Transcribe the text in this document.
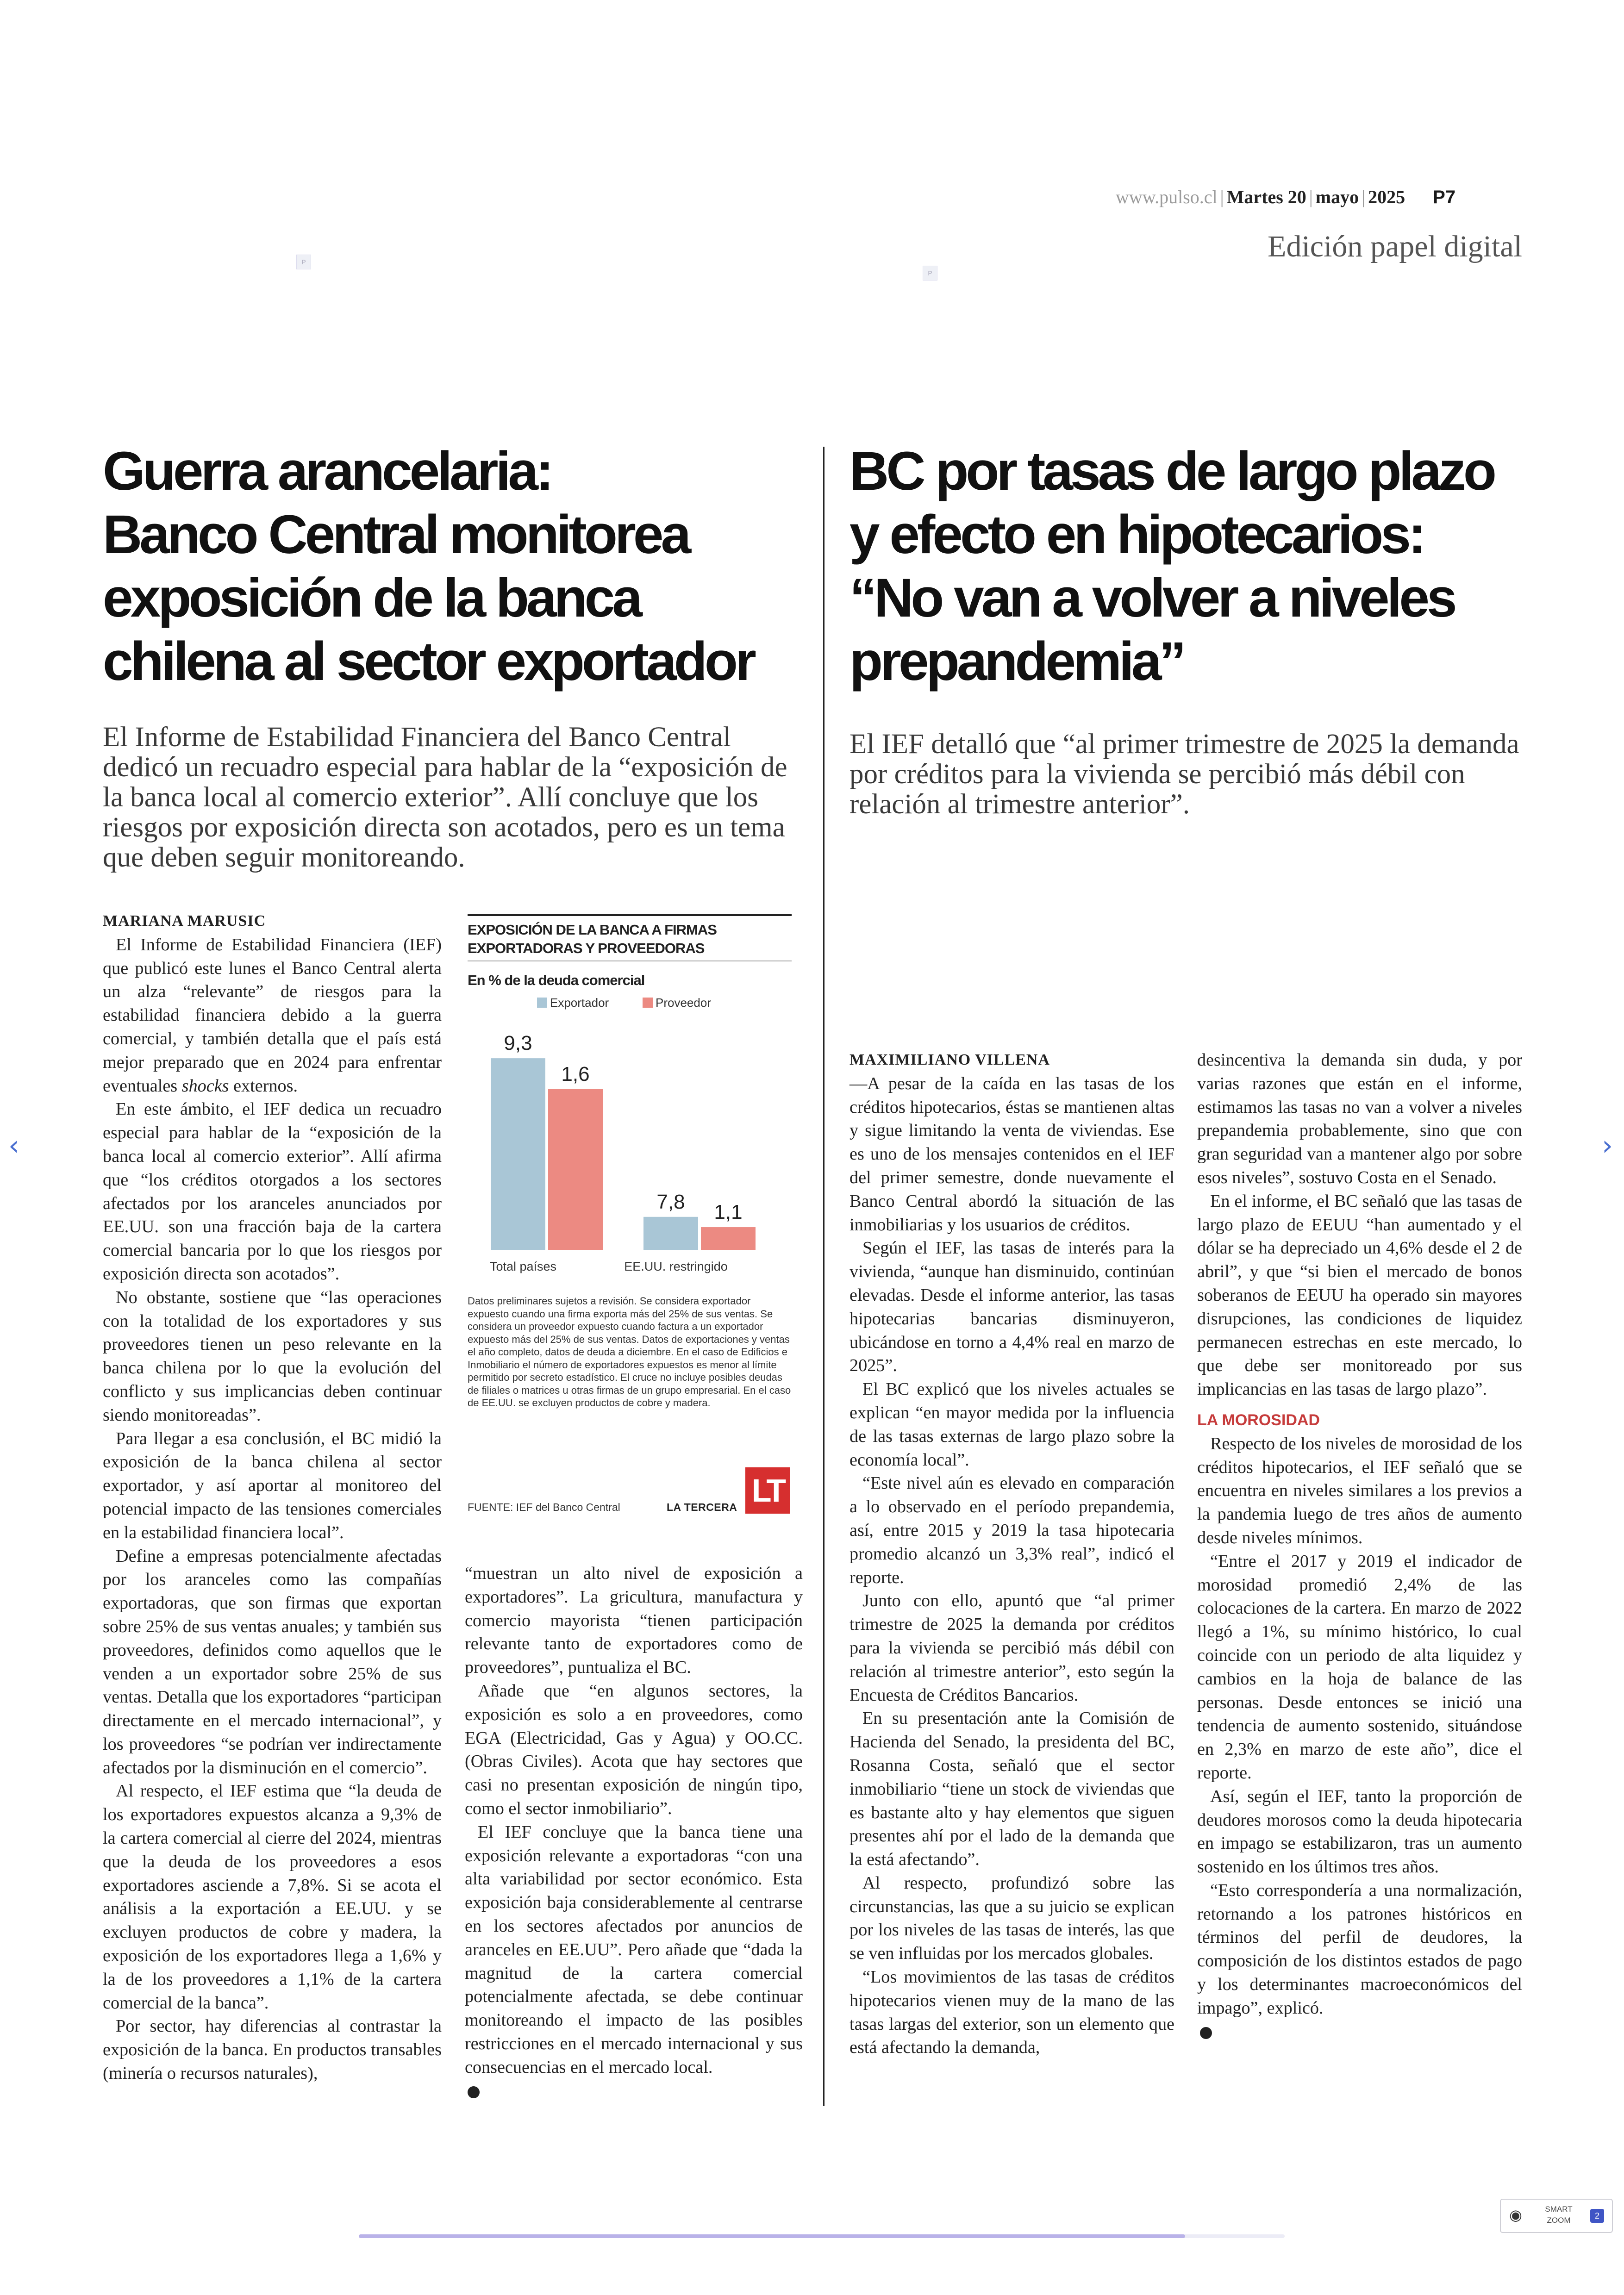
www.pulso.cl | Martes 20 | mayo | 2025 P7
Edición papel digital
P
P
Guerra arancelaria:
Banco Central monitorea
exposición de la banca
chilena al sector exportador

El Informe de Estabilidad Financiera del Banco Central dedicó un recuadro especial para hablar de la “exposición de la banca local al comercio exterior”. Allí concluye que los riesgos por exposición directa son acotados, pero es un tema que deben seguir monitoreando.

BC por tasas de largo plazo
y efecto en hipotecarios:
“No van a volver a niveles
prepandemia”

El IEF detalló que “al primer trimestre de 2025 la demanda por créditos para la vivienda se percibió más débil con relación al trimestre anterior”.

MARIANA MARUSIC

El Informe de Estabilidad Financiera (IEF) que publicó este lunes el Banco Central alerta un alza “relevante” de riesgos para la estabilidad financiera debido a la guerra comercial, y también detalla que el país está mejor preparado que en 2024 para enfrentar eventuales shocks externos.

En este ámbito, el IEF dedica un recuadro especial para hablar de la “exposición de la banca local al comercio exterior”. Allí afirma que “los créditos otorgados a los sectores afectados por los aranceles anunciados por EE.UU. son una fracción baja de la cartera comercial bancaria por lo que los riesgos por exposición directa son acotados”.

No obstante, sostiene que “las operaciones con la totalidad de los exportadores y sus proveedores tienen un peso relevante en la banca chilena por lo que la evolución del conflicto y sus implicancias deben continuar siendo monitoreadas”.

Para llegar a esa conclusión, el BC midió la exposición de la banca chilena al sector exportador, y así aportar al monitoreo del potencial impacto de las tensiones comerciales en la estabilidad financiera local”.

Define a empresas potencialmente afectadas por los aranceles como las compañías exportadoras, que son firmas que exportan sobre 25% de sus ventas anuales; y también sus proveedores, definidos como aquellos que le venden a un exportador sobre 25% de sus ventas. Detalla que los exportadores “participan directamente en el mercado internacional”, y los proveedores “se podrían ver indirectamente afectados por la disminución en el comercio”.

Al respecto, el IEF estima que “la deuda de los exportadores expuestos alcanza a 9,3% de la cartera comercial al cierre del 2024, mientras que la deuda de los proveedores a esos exportadores asciende a 7,8%. Si se acota el análisis a la exportación a EE.UU. y se excluyen productos de cobre y madera, la exposición de los exportadores llega a 1,6% y la de los proveedores a 1,1% de la cartera comercial de la banca”.

Por sector, hay diferencias al contrastar la exposición de la banca. En productos transables (minería o recursos naturales),

“muestran un alto nivel de exposición a exportadores”. La gricultura, manufactura y comercio mayorista “tienen participación relevante tanto de exportadores como de proveedores”, puntualiza el BC.

Añade que “en algunos sectores, la exposición es solo a en proveedores, como EGA (Electricidad, Gas y Agua) y OO.CC. (Obras Civiles). Acota que hay sectores que casi no presentan exposición de ningún tipo, como el sector inmobiliario”.

El IEF concluye que la banca tiene una exposición relevante a exportadoras “con una alta variabilidad por sector económico. Esta exposición baja considerablemente al centrarse en los sectores afectados por anuncios de aranceles en EE.UU”. Pero añade que “dada la magnitud de la cartera comercial potencialmente afectada, se debe continuar monitoreando el impacto de las posibles restricciones en el mercado internacional y sus consecuencias en el mercado local.

EXPOSICIÓN DE LA BANCA A FIRMAS EXPORTADORAS Y PROVEEDORAS
En % de la deuda comercial
Exportador	Proveedor
9,3
1,6
7,8 1,1
Total países	EE.UU. restringido
Datos preliminares sujetos a revisión. Se considera exportador expuesto cuando una firma exporta más del 25% de sus ventas. Se considera un proveedor expuesto cuando factura a un exportador expuesto más del 25% de sus ventas. Datos de exportaciones y ventas el año completo, datos de deuda a diciembre. En el caso de Edificios e Inmobiliario el número de exportadores expuestos es menor al límite permitido por secreto estadístico. El cruce no incluye posibles deudas de filiales o matrices u otras firmas de un grupo empresarial. En el caso de EE.UU. se excluyen productos de cobre y madera.
FUENTE: IEF del Banco Central	LA TERCERA LT

MAXIMILIANO VILLENA

—A pesar de la caída en las tasas de los créditos hipotecarios, éstas se mantienen altas y sigue limitando la venta de viviendas. Ese es uno de los mensajes contenidos en el IEF del primer semestre, donde nuevamente el Banco Central abordó la situación de las inmobiliarias y los usuarios de créditos.

Según el IEF, las tasas de interés para la vivienda, “aunque han disminuido, continúan elevadas. Desde el informe anterior, las tasas hipotecarias bancarias disminuyeron, ubicándose en torno a 4,4% real en marzo de 2025”.

El BC explicó que los niveles actuales se explican “en mayor medida por la influencia de las tasas externas de largo plazo sobre la economía local”.

“Este nivel aún es elevado en comparación a lo observado en el período prepandemia, así, entre 2015 y 2019 la tasa hipotecaria promedio alcanzó un 3,3% real”, indicó el reporte.

Junto con ello, apuntó que “al primer trimestre de 2025 la demanda por créditos para la vivienda se percibió más débil con relación al trimestre anterior”, esto según la Encuesta de Créditos Bancarios.

En su presentación ante la Comisión de Hacienda del Senado, la presidenta del BC, Rosanna Costa, señaló que el sector inmobiliario “tiene un stock de viviendas que es bastante alto y hay elementos que siguen presentes ahí por el lado de la demanda que la está afectando”.

Al respecto, profundizó sobre las circunstancias, las que a su juicio se explican por los niveles de las tasas de interés, las que se ven influidas por los mercados globales.

“Los movimientos de las tasas de créditos hipotecarios vienen muy de la mano de las tasas largas del exterior, son un elemento que está afectando la demanda,

desincentiva la demanda sin duda, y por varias razones que están en el informe, estimamos las tasas no van a volver a niveles prepandemia probablemente, sino que con gran seguridad van a mantener algo por sobre esos niveles”, sostuvo Costa en el Senado.

En el informe, el BC señaló que las tasas de largo plazo de EEUU “han aumentado y el dólar se ha depreciado un 4,6% desde el 2 de abril”, y que “si bien el mercado de bonos soberanos de EEUU ha operado sin mayores disrupciones, las condiciones de liquidez permanecen estrechas en este mercado, lo que debe ser monitoreado por sus implicancias en las tasas de largo plazo”.

LA MOROSIDAD

Respecto de los niveles de morosidad de los créditos hipotecarios, el IEF señaló que se encuentra en niveles similares a los previos a la pandemia luego de tres años de aumento desde niveles mínimos.

“Entre el 2017 y 2019 el indicador de morosidad promedió 2,4% de las colocaciones de la cartera. En marzo de 2022 llegó a 1%, su mínimo histórico, lo cual coincide con un periodo de alta liquidez y cambios en la hoja de balance de las personas. Desde entonces se inició una tendencia de aumento sostenido, situándose en 2,3% en marzo de este año”, dice el reporte.

Así, según el IEF, tanto la proporción de deudores morosos como la deuda hipotecaria en impago se estabilizaron, tras un aumento sostenido en los últimos tres años.

“Esto correspondería a una normalización, retornando a los patrones históricos en términos del perfil de deudores, la composición de los distintos estados de pago y los determinantes macroeconómicos del impago”, explicó.

‹	›
◉	SMART ZOOM	2
